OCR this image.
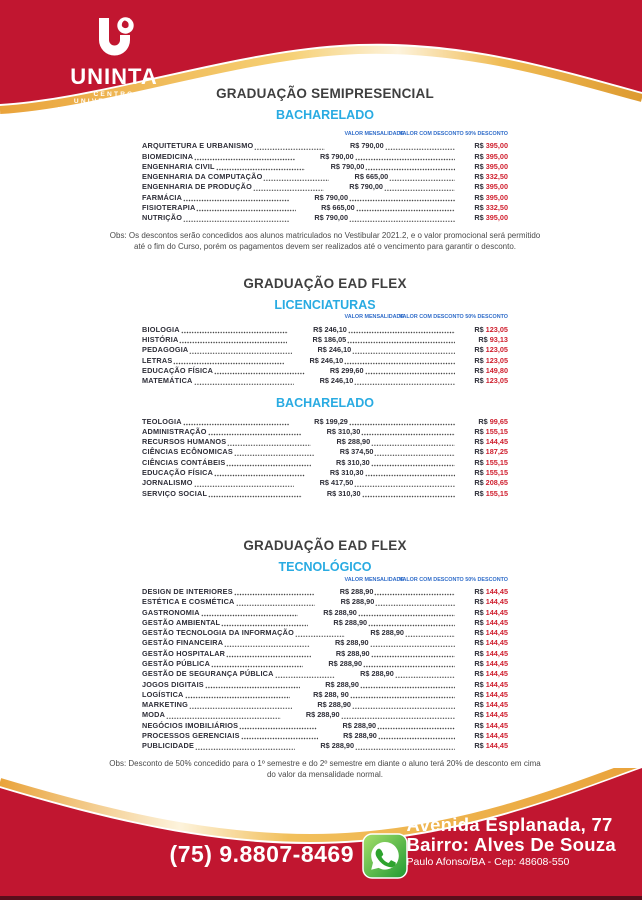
UNINTA
CENTRO UNIVERSITÁRIO
Pólo Paulo Afonso - BA - Águas Esplanada
GRADUAÇÃO SEMIPRESENCIAL
BACHARELADO
VALOR MENSALIDADE
VALOR COM DESCONTO 50% DESCONTO
ARQUITETURA E URBANISMO	R$ 790,00	R$ 395,00
BIOMEDICINA	R$ 790,00	R$ 395,00
ENGENHARIA CIVIL	R$ 790,00	R$ 395,00
ENGENHARIA DA COMPUTAÇÃO	R$ 665,00	R$ 332,50
ENGENHARIA DE PRODUÇÃO	R$ 790,00	R$ 395,00
FARMÁCIA	R$ 790,00	R$ 395,00
FISIOTERAPIA	R$ 665,00	R$ 332,50
NUTRIÇÃO	R$ 790,00	R$ 395,00

Obs: Os descontos serão concedidos aos alunos matriculados no Vestibular 2021.2, e o valor promocional será permitido até o fim do Curso, porém os pagamentos devem ser realizados até o vencimento para garantir o desconto.

GRADUAÇÃO EAD FLEX
LICENCIATURAS
VALOR MENSALIDADE
VALOR COM DESCONTO 50% DESCONTO
BIOLOGIA	R$ 246,10	R$ 123,05
HISTÓRIA	R$ 186,05	R$ 93,13
PEDAGOGIA	R$ 246,10	R$ 123,05
LETRAS	R$ 246,10	R$ 123,05
EDUCAÇÃO FÍSICA	R$ 299,60	R$ 149,80
MATEMÁTICA	R$ 246,10	R$ 123,05
BACHARELADO
TEOLOGIA	R$ 199,29	R$ 99,65
ADMINISTRAÇÃO	R$ 310,30	R$ 155,15
RECURSOS HUMANOS	R$ 288,90	R$ 144,45
CIÊNCIAS ECÔNOMICAS	R$ 374,50	R$ 187,25
CIÊNCIAS CONTÁBEIS	R$ 310,30	R$ 155,15
EDUCAÇÃO FÍSICA	R$ 310,30	R$ 155,15
JORNALISMO	R$ 417,50	R$ 208,65
SERVIÇO SOCIAL	R$ 310,30	R$ 155,15
GRADUAÇÃO EAD FLEX
TECNOLÓGICO
VALOR MENSALIDADE
VALOR COM DESCONTO 50% DESCONTO
DESIGN DE INTERIORES	R$ 288,90	R$ 144,45
ESTÉTICA E COSMÉTICA	R$ 288,90	R$ 144,45
GASTRONOMIA	R$ 288,90	R$ 144,45
GESTÃO AMBIENTAL	R$ 288,90	R$ 144,45
GESTÃO TECNOLOGIA DA INFORMAÇÃO	R$ 288,90	R$ 144,45
GESTÃO FINANCEIRA	R$ 288,90	R$ 144,45
GESTÃO HOSPITALAR	R$ 288,90	R$ 144,45
GESTÃO PÚBLICA	R$ 288,90	R$ 144,45
GESTÃO DE SEGURANÇA PÚBLICA	R$ 288,90	R$ 144,45
JOGOS DIGITAIS	R$ 288,90	R$ 144,45
LOGÍSTICA	R$ 288, 90	R$ 144,45
MARKETING	R$ 288,90	R$ 144,45
MODA	R$ 288,90	R$ 144,45
NEGÓCIOS IMOBILIÁRIOS	R$ 288,90	R$ 144,45
PROCESSOS GERENCIAIS	R$ 288,90	R$ 144,45
PUBLICIDADE	R$ 288,90	R$ 144,45

Obs: Desconto de 50% concedido para o 1º semestre e do 2º semestre em diante o aluno terá 20% de desconto em cima do valor da mensalidade normal.

(75) 9.8807-8469
Avenida Esplanada, 77
Bairro: Alves De Souza
Paulo Afonso/BA - Cep: 48608-550
